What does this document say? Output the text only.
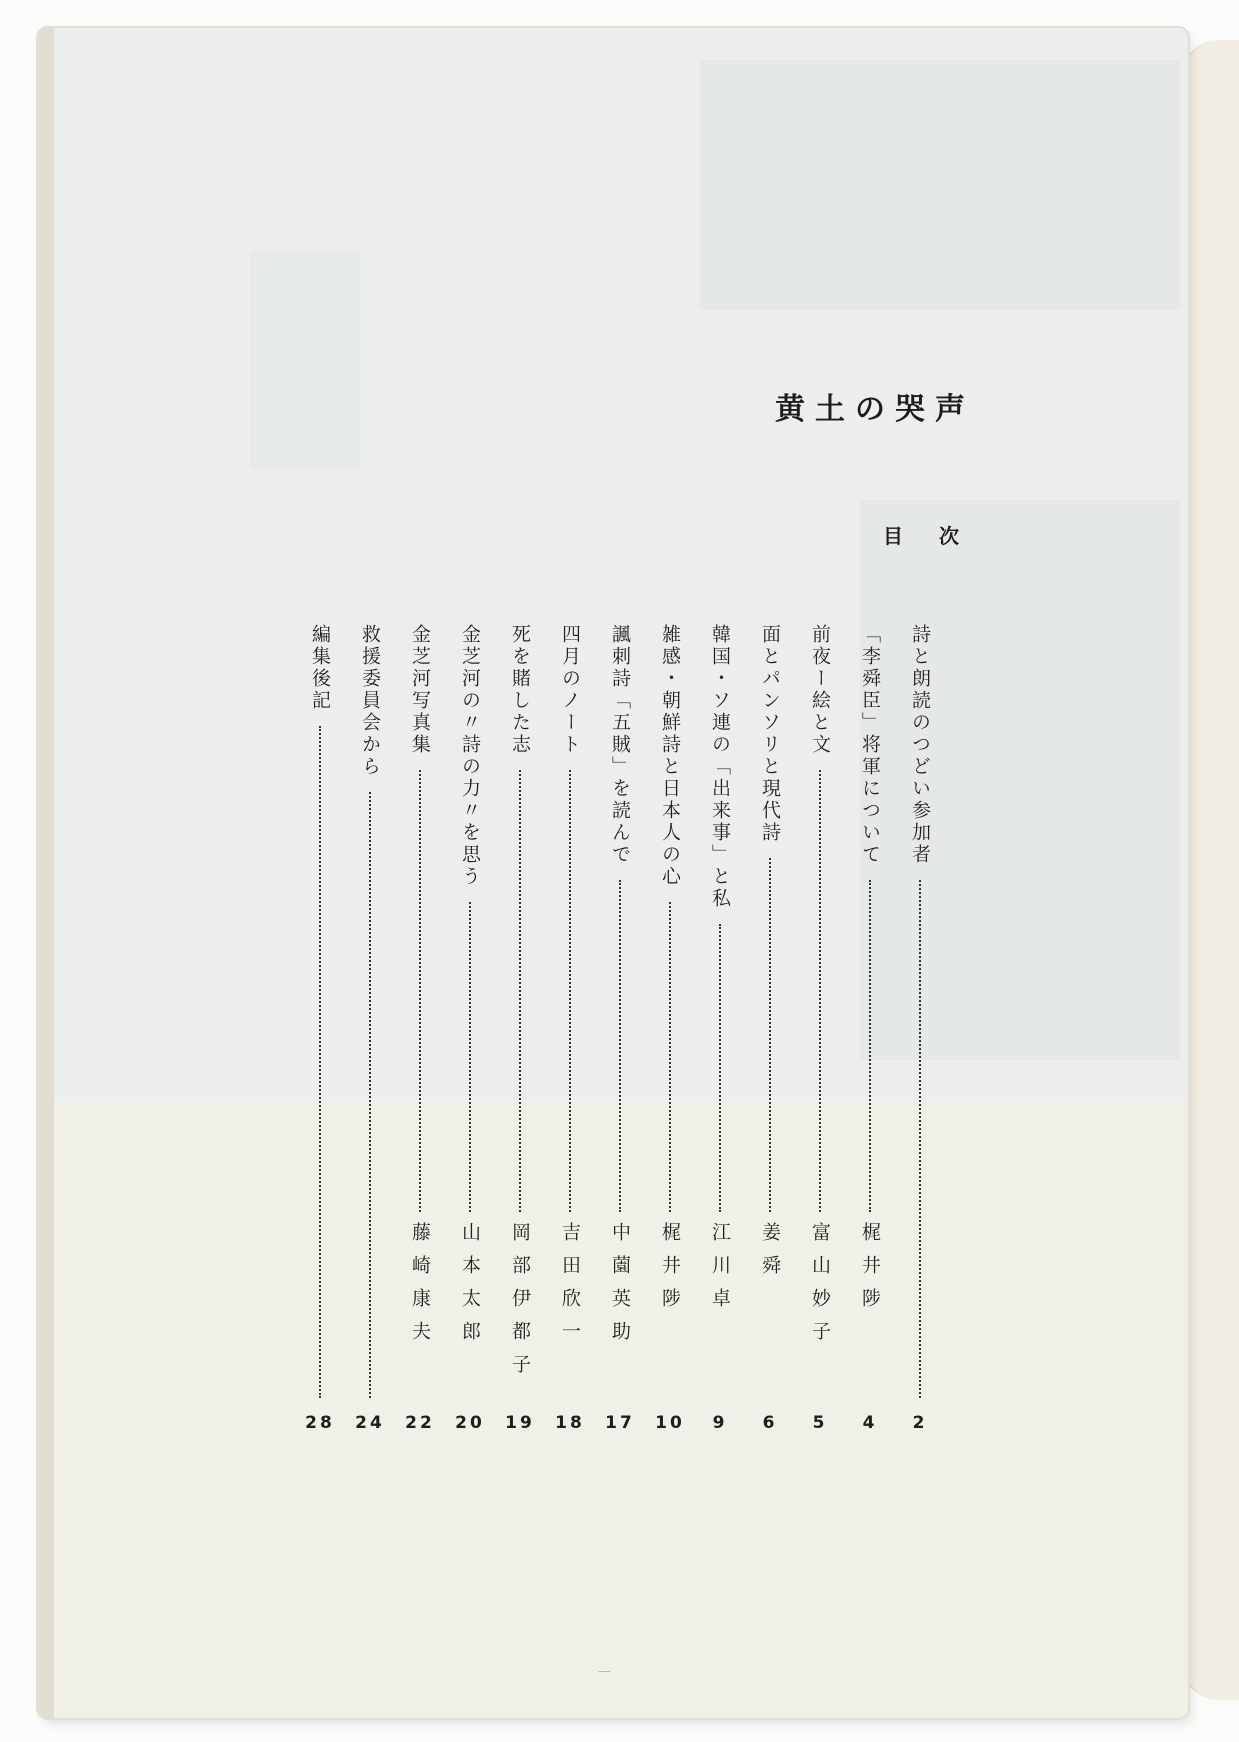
黄土の哭声
目次
詩と朗読のつどい参加者
2
「李舜臣」将軍について
梶井陟
4
前夜ー絵と文
富山妙子
5
面とパンソリと現代詩
姜舜
6
韓国・ソ連の「出来事」と私
江川卓
9
雑感・朝鮮詩と日本人の心
梶井陟
10
諷刺詩「五賊」を読んで
中薗英助
17
四月のノート
吉田欣一
18
死を賭した志
岡部伊都子
19
金芝河の〃詩の力〃を思う
山本太郎
20
金芝河写真集
藤崎康夫
22
救援委員会から
24
編集後記
28
—
